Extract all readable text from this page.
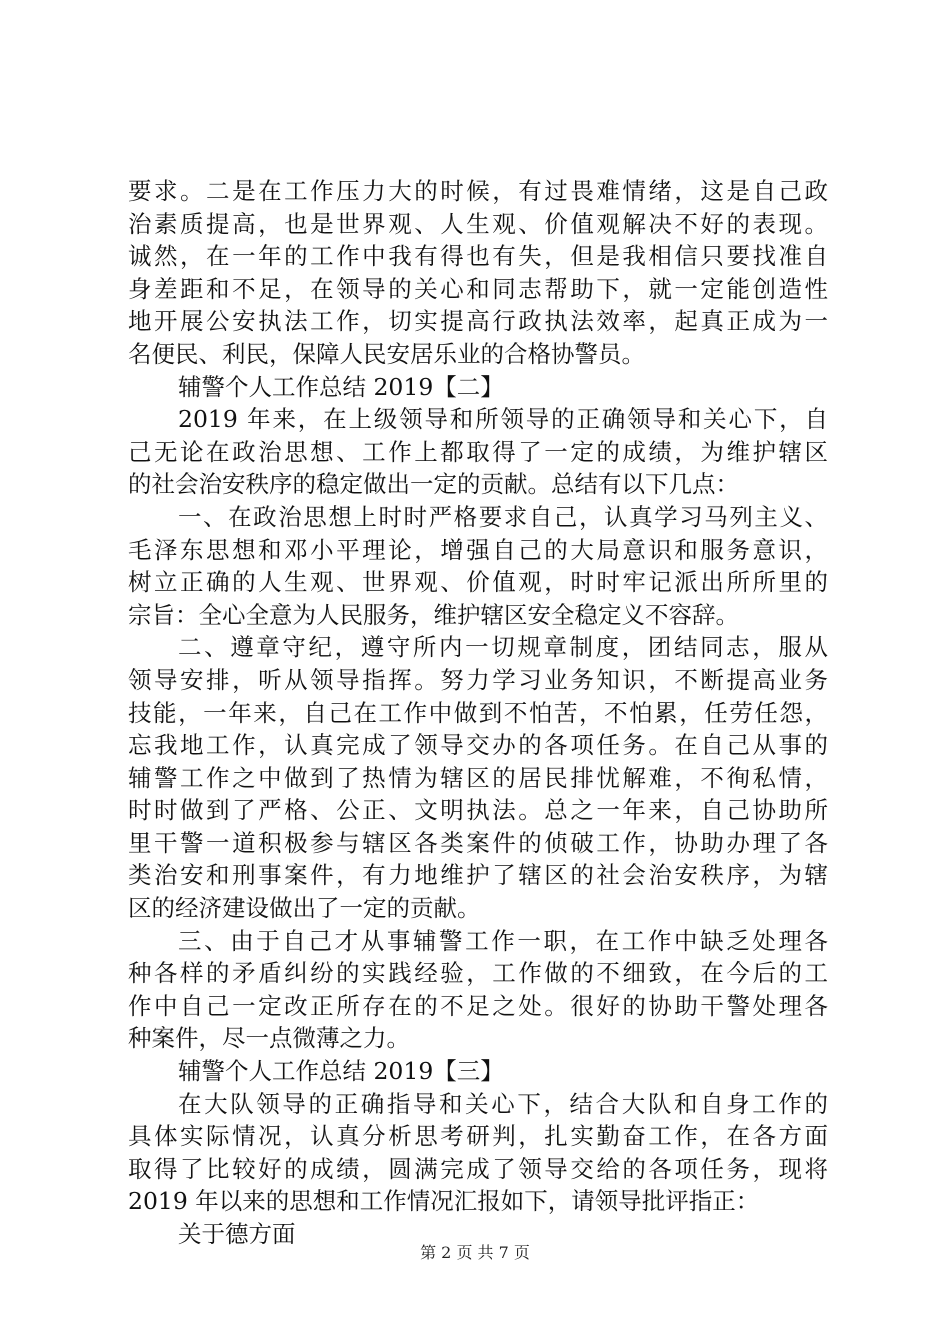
要求。二是在工作压力大的时候，有过畏难情绪，这是自己政
治素质提高，也是世界观、人生观、价值观解决不好的表现。
诚然，在一年的工作中我有得也有失，但是我相信只要找准自
身差距和不足，在领导的关心和同志帮助下，就一定能创造性
地开展公安执法工作，切实提高行政执法效率，起真正成为一
名便民、利民，保障人民安居乐业的合格协警员。
辅警个人工作总结 2019【二】
2019 年来，在上级领导和所领导的正确领导和关心下，自
己无论在政治思想、工作上都取得了一定的成绩，为维护辖区
的社会治安秩序的稳定做出一定的贡献。总结有以下几点：
一、在政治思想上时时严格要求自己，认真学习马列主义、
毛泽东思想和邓小平理论，增强自己的大局意识和服务意识，
树立正确的人生观、世界观、价值观，时时牢记派出所所里的
宗旨：全心全意为人民服务，维护辖区安全稳定义不容辞。
二、遵章守纪，遵守所内一切规章制度，团结同志，服从
领导安排，听从领导指挥。努力学习业务知识，不断提高业务
技能，一年来，自己在工作中做到不怕苦，不怕累，任劳任怨，
忘我地工作，认真完成了领导交办的各项任务。在自己从事的
辅警工作之中做到了热情为辖区的居民排忧解难，不徇私情，
时时做到了严格、公正、文明执法。总之一年来，自己协助所
里干警一道积极参与辖区各类案件的侦破工作，协助办理了各
类治安和刑事案件，有力地维护了辖区的社会治安秩序，为辖
区的经济建设做出了一定的贡献。
三、由于自己才从事辅警工作一职，在工作中缺乏处理各
种各样的矛盾纠纷的实践经验，工作做的不细致，在今后的工
作中自己一定改正所存在的不足之处。很好的协助干警处理各
种案件，尽一点微薄之力。
辅警个人工作总结 2019【三】
在大队领导的正确指导和关心下，结合大队和自身工作的
具体实际情况，认真分析思考研判，扎实勤奋工作，在各方面
取得了比较好的成绩，圆满完成了领导交给的各项任务，现将
2019 年以来的思想和工作情况汇报如下，请领导批评指正：
关于德方面
第 2 页 共 7 页
